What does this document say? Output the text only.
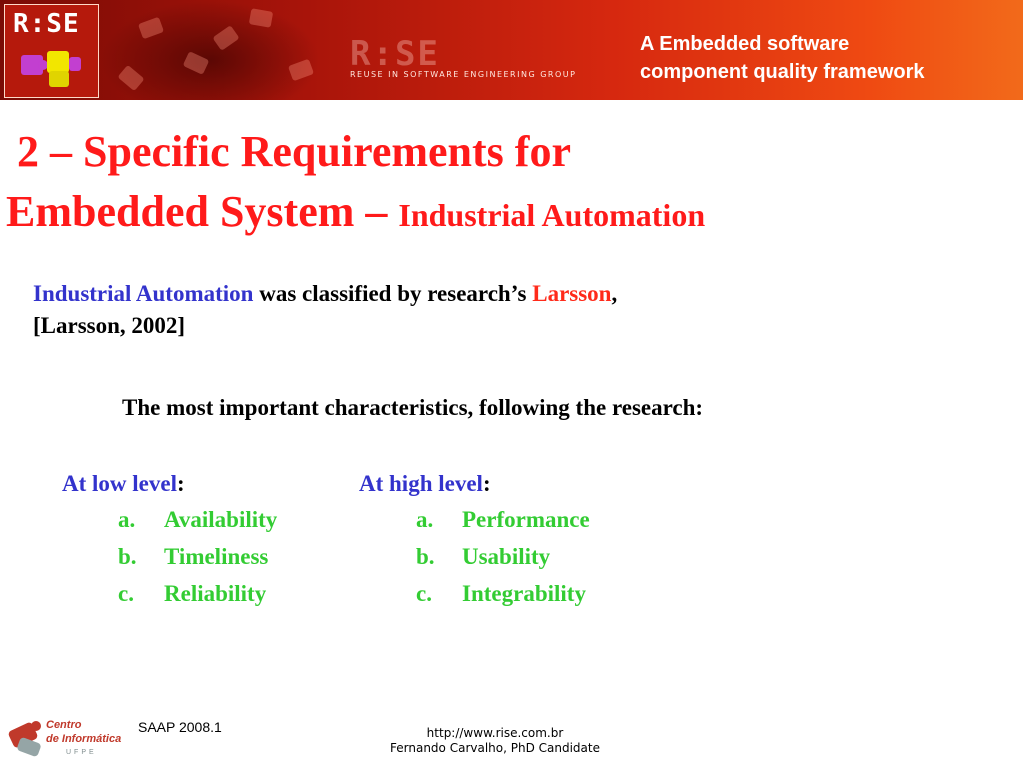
R:SE
R:SE
REUSE IN SOFTWARE ENGINEERING GROUP
A Embedded software
component quality framework
2 – Specific Requirements for
Embedded System – Industrial Automation
Industrial Automation was classified by research’s Larsson,
[Larsson, 2002]
The most important characteristics, following the research:
At low level:
a. Availability
b. Timeliness
c. Reliability
At high level:
a. Performance
b. Usability
c. Integrability
Centro
de Informática
UFPE
SAAP 2008.1	http://www.rise.com.br
Fernando Carvalho, PhD Candidate
